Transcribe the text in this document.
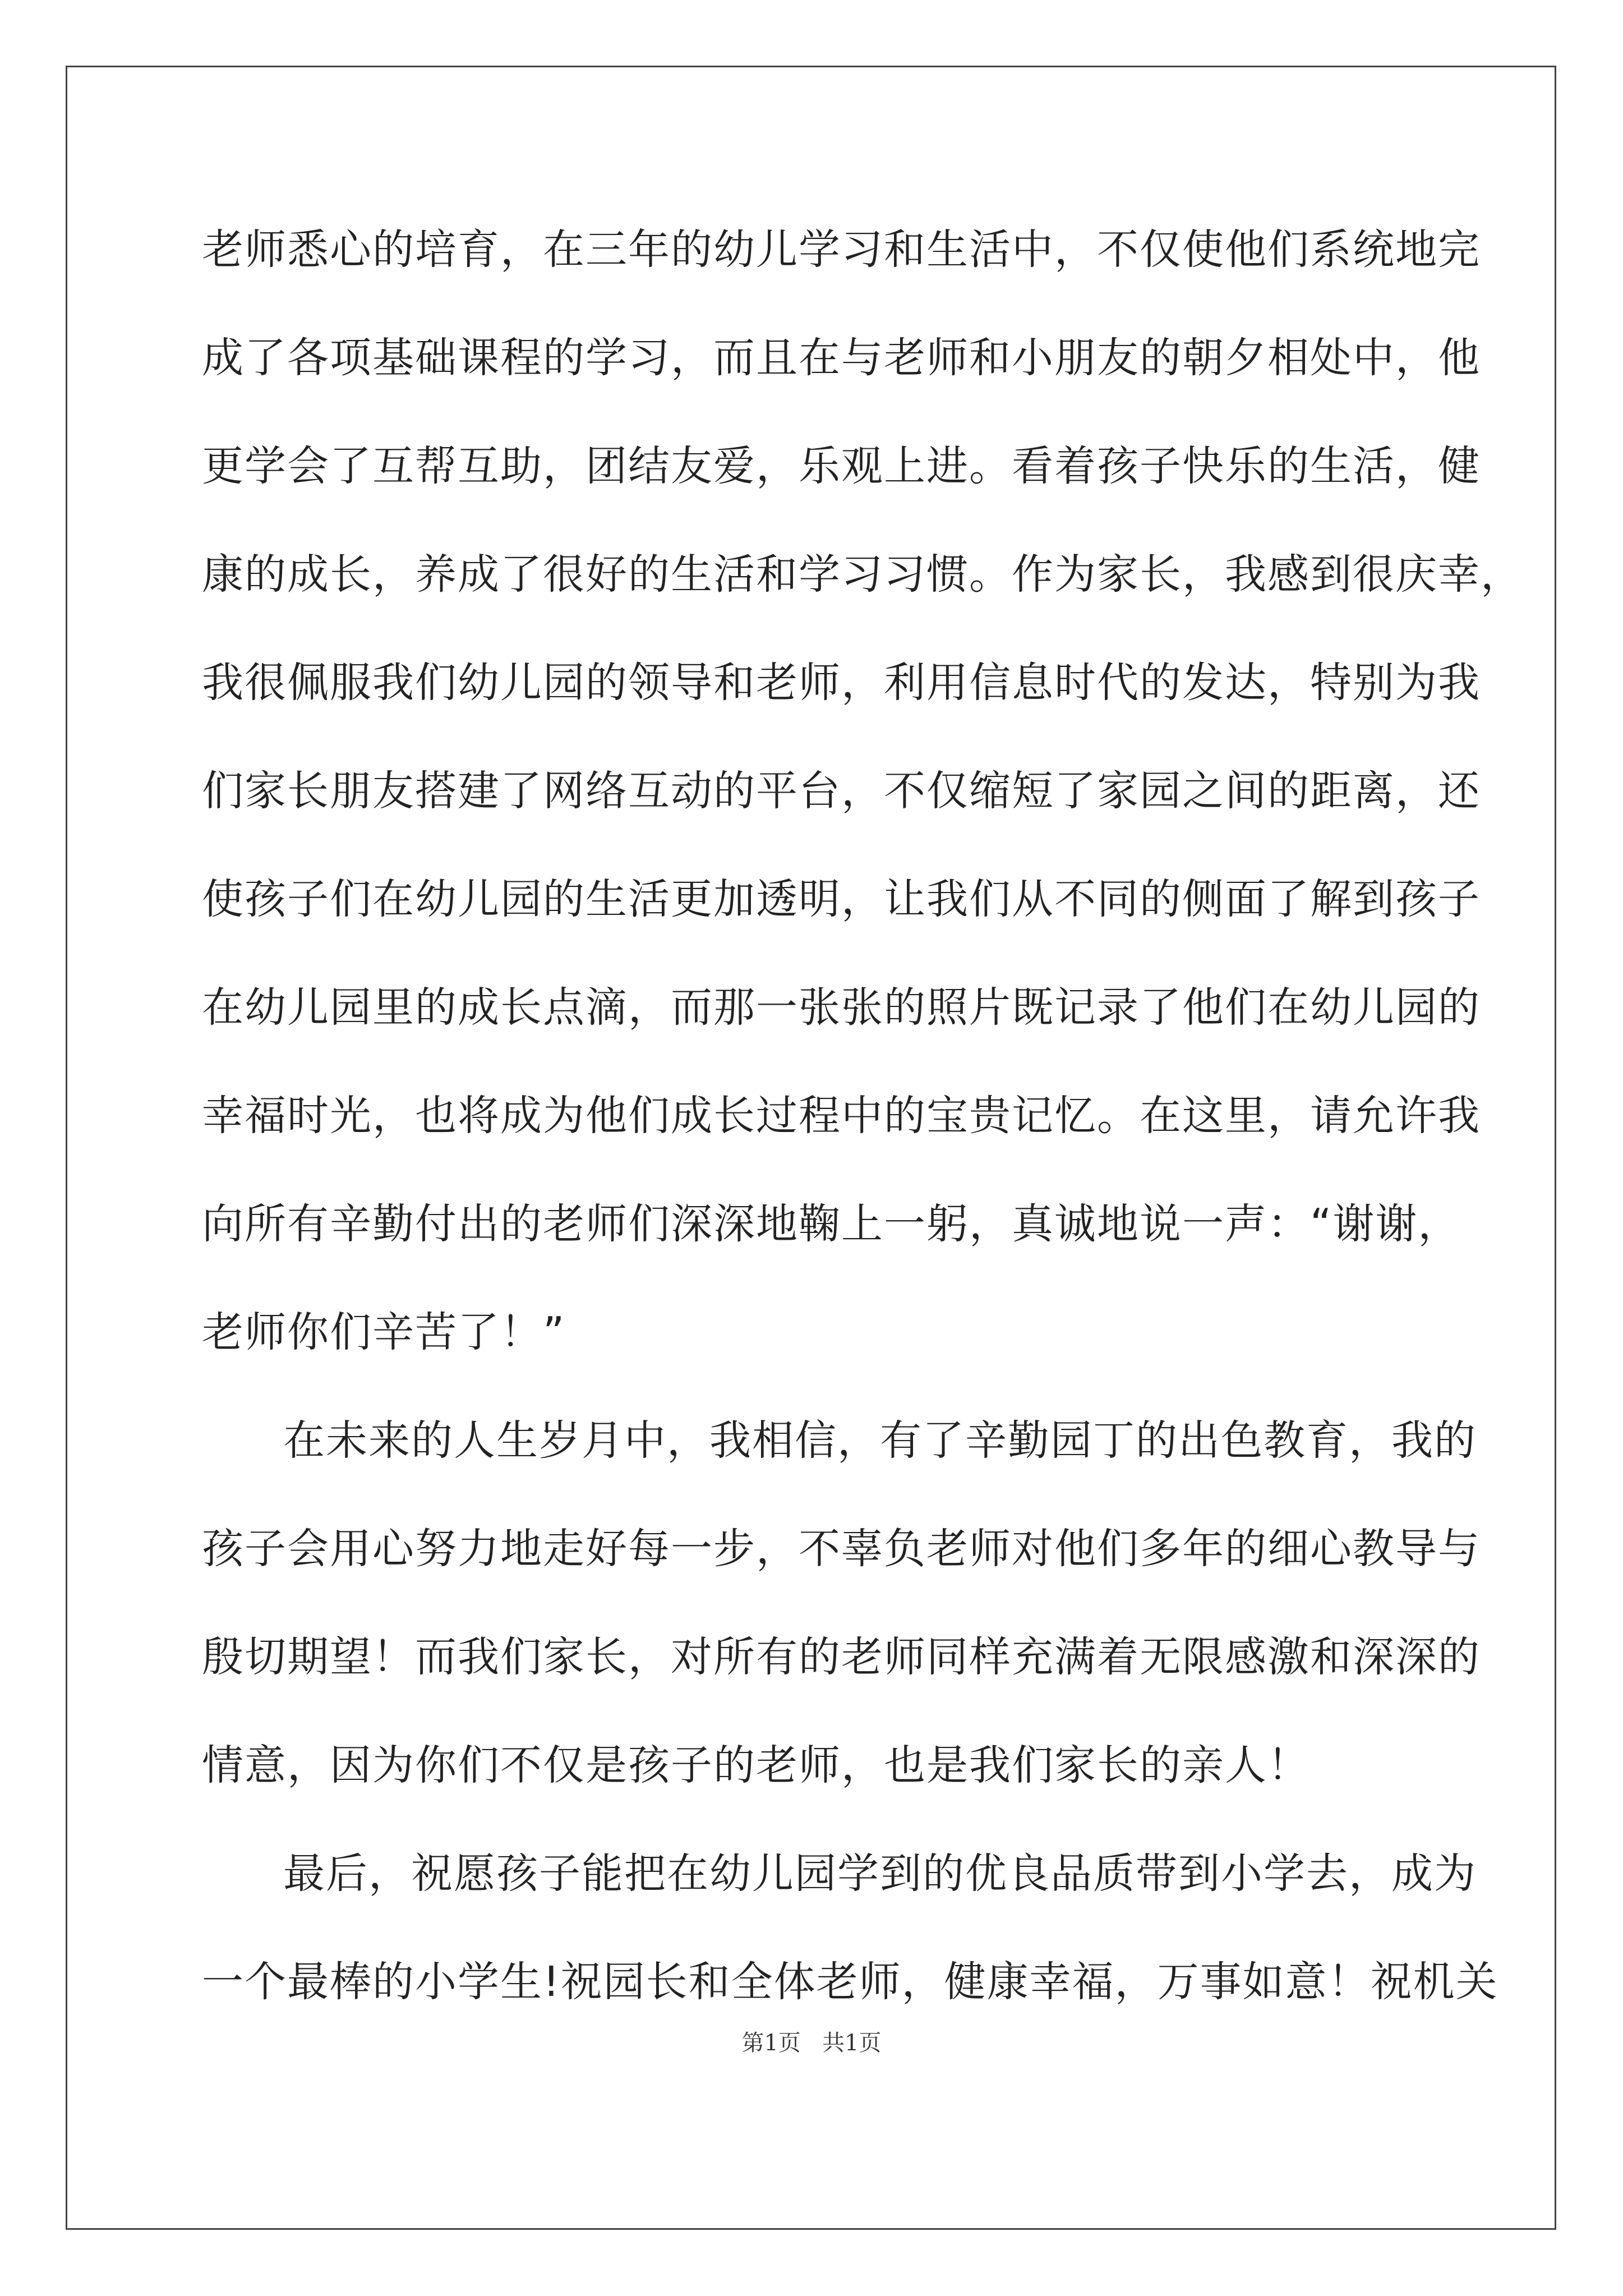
老师悉心的培育，在三年的幼儿学习和生活中，不仅使他们系统地完

成了各项基础课程的学习，而且在与老师和小朋友的朝夕相处中，他

更学会了互帮互助，团结友爱，乐观上进。看着孩子快乐的生活，健

康的成长，养成了很好的生活和学习习惯。作为家长，我感到很庆幸，

我很佩服我们幼儿园的领导和老师，利用信息时代的发达，特别为我

们家长朋友搭建了网络互动的平台，不仅缩短了家园之间的距离，还

使孩子们在幼儿园的生活更加透明，让我们从不同的侧面了解到孩子

在幼儿园里的成长点滴，而那一张张的照片既记录了他们在幼儿园的

幸福时光，也将成为他们成长过程中的宝贵记忆。在这里，请允许我

向所有辛勤付出的老师们深深地鞠上一躬，真诚地说一声：“谢谢，

老师你们辛苦了！”

在未来的人生岁月中，我相信，有了辛勤园丁的出色教育，我的

孩子会用心努力地走好每一步，不辜负老师对他们多年的细心教导与

殷切期望！而我们家长，对所有的老师同样充满着无限感激和深深的

情意，因为你们不仅是孩子的老师，也是我们家长的亲人！

最后，祝愿孩子能把在幼儿园学到的优良品质带到小学去，成为

一个最棒的小学生!祝园长和全体老师，健康幸福，万事如意！祝机关

第1页   共1页
